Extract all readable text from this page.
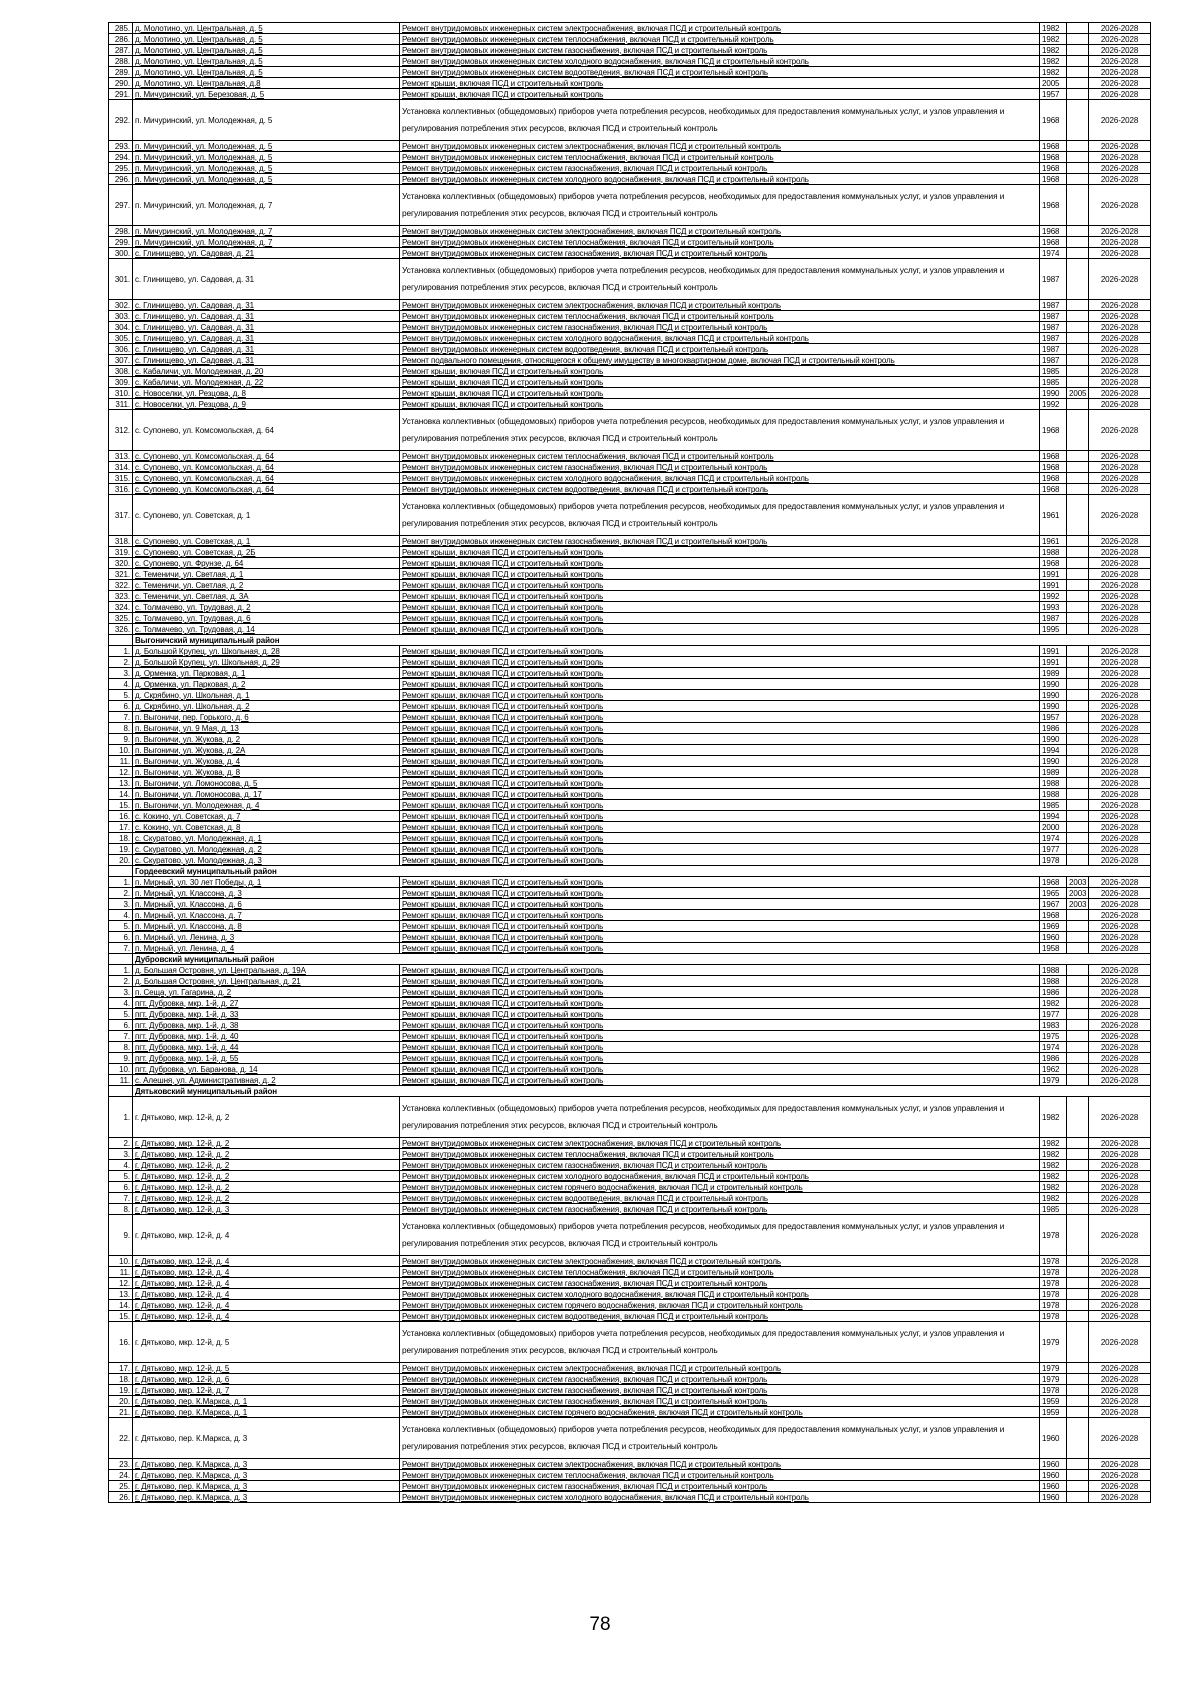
285.	д. Молотино, ул. Центральная, д. 5	Ремонт внутридомовых инженерных систем электроснабжения, включая ПСД и строительный контроль	1982		2026-2028
286.	д. Молотино, ул. Центральная, д. 5	Ремонт внутридомовых инженерных систем теплоснабжения, включая ПСД и строительный контроль	1982		2026-2028
287.	д. Молотино, ул. Центральная, д. 5	Ремонт внутридомовых инженерных систем газоснабжения, включая ПСД и строительный контроль	1982		2026-2028
288.	д. Молотино, ул. Центральная, д. 5	Ремонт внутридомовых инженерных систем холодного водоснабжения, включая ПСД и строительный контроль	1982		2026-2028
289.	д. Молотино, ул. Центральная, д. 5	Ремонт внутридомовых инженерных систем водоотведения, включая ПСД и строительный контроль	1982		2026-2028
290.	д. Молотино, ул. Центральная, д.8	Ремонт крыши, включая ПСД и строительный контроль	2005		2026-2028
291.	п. Мичуринский, ул. Березовая, д. 5	Ремонт крыши, включая ПСД и строительный контроль	1957		2026-2028
292.	п. Мичуринский, ул. Молодежная, д. 5	Установка коллективных (общедомовых) приборов учета потребления ресурсов, необходимых для предоставления коммунальных услуг, и узлов управления и регулирования потребления этих ресурсов, включая ПСД и строительный контроль	1968		2026-2028
293.	п. Мичуринский, ул. Молодежная, д. 5	Ремонт внутридомовых инженерных систем электроснабжения, включая ПСД и строительный контроль	1968		2026-2028
294.	п. Мичуринский, ул. Молодежная, д. 5	Ремонт внутридомовых инженерных систем теплоснабжения, включая ПСД и строительный контроль	1968		2026-2028
295.	п. Мичуринский, ул. Молодежная, д. 5	Ремонт внутридомовых инженерных систем газоснабжения, включая ПСД и строительный контроль	1968		2026-2028
296.	п. Мичуринский, ул. Молодежная, д. 5	Ремонт внутридомовых инженерных систем холодного водоснабжения, включая ПСД и строительный контроль	1968		2026-2028
297.	п. Мичуринский, ул. Молодежная, д. 7	Установка коллективных (общедомовых) приборов учета потребления ресурсов, необходимых для предоставления коммунальных услуг, и узлов управления и регулирования потребления этих ресурсов, включая ПСД и строительный контроль	1968		2026-2028
298.	п. Мичуринский, ул. Молодежная, д. 7	Ремонт внутридомовых инженерных систем электроснабжения, включая ПСД и строительный контроль	1968		2026-2028
299.	п. Мичуринский, ул. Молодежная, д. 7	Ремонт внутридомовых инженерных систем теплоснабжения, включая ПСД и строительный контроль	1968		2026-2028
300.	с. Глинищево, ул. Садовая, д. 21	Ремонт внутридомовых инженерных систем газоснабжения, включая ПСД и строительный контроль	1974		2026-2028
301.	с. Глинищево, ул. Садовая, д. 31	Установка коллективных (общедомовых) приборов учета потребления ресурсов, необходимых для предоставления коммунальных услуг, и узлов управления и регулирования потребления этих ресурсов, включая ПСД и строительный контроль	1987		2026-2028
302.	с. Глинищево, ул. Садовая, д. 31	Ремонт внутридомовых инженерных систем электроснабжения, включая ПСД и строительный контроль	1987		2026-2028
303.	с. Глинищево, ул. Садовая, д. 31	Ремонт внутридомовых инженерных систем теплоснабжения, включая ПСД и строительный контроль	1987		2026-2028
304.	с. Глинищево, ул. Садовая, д. 31	Ремонт внутридомовых инженерных систем газоснабжения, включая ПСД и строительный контроль	1987		2026-2028
305.	с. Глинищево, ул. Садовая, д. 31	Ремонт внутридомовых инженерных систем холодного водоснабжения, включая ПСД и строительный контроль	1987		2026-2028
306.	с. Глинищево, ул. Садовая, д. 31	Ремонт внутридомовых инженерных систем водоотведения, включая ПСД и строительный контроль	1987		2026-2028
307.	с. Глинищево, ул. Садовая, д. 31	Ремонт подвального помещения, относящегося к общему имуществу в многоквартирном доме, включая ПСД и строительный контроль	1987		2026-2028
308.	с. Кабаличи, ул. Молодежная, д. 20	Ремонт крыши, включая ПСД и строительный контроль	1985		2026-2028
309.	с. Кабаличи, ул. Молодежная, д. 22	Ремонт крыши, включая ПСД и строительный контроль	1985		2026-2028
310.	с. Новоселки, ул. Резцова, д. 8	Ремонт крыши, включая ПСД и строительный контроль	1990	2005	2026-2028
311.	с. Новоселки, ул. Резцова, д. 9	Ремонт крыши, включая ПСД и строительный контроль	1992		2026-2028
312.	с. Супонево, ул. Комсомольская, д. 64	Установка коллективных (общедомовых) приборов учета потребления ресурсов, необходимых для предоставления коммунальных услуг, и узлов управления и регулирования потребления этих ресурсов, включая ПСД и строительный контроль	1968		2026-2028
313.	с. Супонево, ул. Комсомольская, д. 64	Ремонт внутридомовых инженерных систем теплоснабжения, включая ПСД и строительный контроль	1968		2026-2028
314.	с. Супонево, ул. Комсомольская, д. 64	Ремонт внутридомовых инженерных систем газоснабжения, включая ПСД и строительный контроль	1968		2026-2028
315.	с. Супонево, ул. Комсомольская, д. 64	Ремонт внутридомовых инженерных систем холодного водоснабжения, включая ПСД и строительный контроль	1968		2026-2028
316.	с. Супонево, ул. Комсомольская, д. 64	Ремонт внутридомовых инженерных систем водоотведения, включая ПСД и строительный контроль	1968		2026-2028
317.	с. Супонево, ул. Советская, д. 1	Установка коллективных (общедомовых) приборов учета потребления ресурсов, необходимых для предоставления коммунальных услуг, и узлов управления и регулирования потребления этих ресурсов, включая ПСД и строительный контроль	1961		2026-2028
318.	с. Супонево, ул. Советская, д. 1	Ремонт внутридомовых инженерных систем газоснабжения, включая ПСД и строительный контроль	1961		2026-2028
319.	с. Супонево, ул. Советская, д. 2Б	Ремонт крыши, включая ПСД и строительный контроль	1988		2026-2028
320.	с. Супонево, ул. Фрунзе, д. 64	Ремонт крыши, включая ПСД и строительный контроль	1968		2026-2028
321.	с. Теменичи, ул. Светлая, д. 1	Ремонт крыши, включая ПСД и строительный контроль	1991		2026-2028
322.	с. Теменичи, ул. Светлая, д. 2	Ремонт крыши, включая ПСД и строительный контроль	1991		2026-2028
323.	с. Теменичи, ул. Светлая, д. 3А	Ремонт крыши, включая ПСД и строительный контроль	1992		2026-2028
324.	с. Толмачево, ул. Трудовая, д. 2	Ремонт крыши, включая ПСД и строительный контроль	1993		2026-2028
325.	с. Толмачево, ул. Трудовая, д. 6	Ремонт крыши, включая ПСД и строительный контроль	1987		2026-2028
326.	с. Толмачево, ул. Трудовая, д. 14	Ремонт крыши, включая ПСД и строительный контроль	1995		2026-2028
	Выгоничский муниципальный район				
1.	д. Большой Крупец, ул. Школьная, д. 28	Ремонт крыши, включая ПСД и строительный контроль	1991		2026-2028
2.	д. Большой Крупец, ул. Школьная, д. 29	Ремонт крыши, включая ПСД и строительный контроль	1991		2026-2028
3.	д. Орменка, ул. Парковая, д. 1	Ремонт крыши, включая ПСД и строительный контроль	1989		2026-2028
4.	д. Орменка, ул. Парковая, д. 2	Ремонт крыши, включая ПСД и строительный контроль	1990		2026-2028
5.	д. Скрябино, ул. Школьная, д. 1	Ремонт крыши, включая ПСД и строительный контроль	1990		2026-2028
6.	д. Скрябино, ул. Школьная, д. 2	Ремонт крыши, включая ПСД и строительный контроль	1990		2026-2028
7.	п. Выгоничи, пер. Горького, д. 6	Ремонт крыши, включая ПСД и строительный контроль	1957		2026-2028
8.	п. Выгоничи, ул. 9 Мая, д. 13	Ремонт крыши, включая ПСД и строительный контроль	1986		2026-2028
9.	п. Выгоничи, ул. Жукова, д. 2	Ремонт крыши, включая ПСД и строительный контроль	1990		2026-2028
10.	п. Выгоничи, ул. Жукова, д. 2А	Ремонт крыши, включая ПСД и строительный контроль	1994		2026-2028
11.	п. Выгоничи, ул. Жукова, д. 4	Ремонт крыши, включая ПСД и строительный контроль	1990		2026-2028
12.	п. Выгоничи, ул. Жукова, д. 8	Ремонт крыши, включая ПСД и строительный контроль	1989		2026-2028
13.	п. Выгоничи, ул. Ломоносова, д. 5	Ремонт крыши, включая ПСД и строительный контроль	1988		2026-2028
14.	п. Выгоничи, ул. Ломоносова, д. 17	Ремонт крыши, включая ПСД и строительный контроль	1988		2026-2028
15.	п. Выгоничи, ул. Молодежная, д. 4	Ремонт крыши, включая ПСД и строительный контроль	1985		2026-2028
16.	с. Кокино, ул. Советская, д. 7	Ремонт крыши, включая ПСД и строительный контроль	1994		2026-2028
17.	с. Кокино, ул. Советская, д. 8	Ремонт крыши, включая ПСД и строительный контроль	2000		2026-2028
18.	с. Скуратово, ул. Молодежная, д. 1	Ремонт крыши, включая ПСД и строительный контроль	1974		2026-2028
19.	с. Скуратово, ул. Молодежная, д. 2	Ремонт крыши, включая ПСД и строительный контроль	1977		2026-2028
20.	с. Скуратово, ул. Молодежная, д. 3	Ремонт крыши, включая ПСД и строительный контроль	1978		2026-2028
	Гордеевский муниципальный район				
1.	п. Мирный, ул. 30 лет Победы, д. 1	Ремонт крыши, включая ПСД и строительный контроль	1968	2003	2026-2028
2.	п. Мирный, ул. Классона, д. 3	Ремонт крыши, включая ПСД и строительный контроль	1965	2003	2026-2028
3.	п. Мирный, ул. Классона, д. 6	Ремонт крыши, включая ПСД и строительный контроль	1967	2003	2026-2028
4.	п. Мирный, ул. Классона, д. 7	Ремонт крыши, включая ПСД и строительный контроль	1968		2026-2028
5.	п. Мирный, ул. Классона, д. 8	Ремонт крыши, включая ПСД и строительный контроль	1969		2026-2028
6.	п. Мирный, ул. Ленина, д. 3	Ремонт крыши, включая ПСД и строительный контроль	1960		2026-2028
7.	п. Мирный, ул. Ленина, д. 4	Ремонт крыши, включая ПСД и строительный контроль	1958		2026-2028
	Дубровский муниципальный район				
1.	д. Большая Островня, ул. Центральная, д. 19А	Ремонт крыши, включая ПСД и строительный контроль	1988		2026-2028
2.	д. Большая Островня, ул. Центральная, д. 21	Ремонт крыши, включая ПСД и строительный контроль	1988		2026-2028
3.	п. Сеща, ул. Гагарина, д. 2	Ремонт крыши, включая ПСД и строительный контроль	1986		2026-2028
4.	пгт. Дубровка, мкр. 1-й, д. 27	Ремонт крыши, включая ПСД и строительный контроль	1982		2026-2028
5.	пгт. Дубровка, мкр. 1-й, д. 33	Ремонт крыши, включая ПСД и строительный контроль	1977		2026-2028
6.	пгт. Дубровка, мкр. 1-й, д. 38	Ремонт крыши, включая ПСД и строительный контроль	1983		2026-2028
7.	пгт. Дубровка, мкр. 1-й, д. 40	Ремонт крыши, включая ПСД и строительный контроль	1975		2026-2028
8.	пгт. Дубровка, мкр. 1-й, д. 44	Ремонт крыши, включая ПСД и строительный контроль	1974		2026-2028
9.	пгт. Дубровка, мкр. 1-й, д. 55	Ремонт крыши, включая ПСД и строительный контроль	1986		2026-2028
10.	пгт. Дубровка, ул. Баранова, д. 14	Ремонт крыши, включая ПСД и строительный контроль	1962		2026-2028
11.	с. Алешня, ул. Административная, д. 2	Ремонт крыши, включая ПСД и строительный контроль	1979		2026-2028
	Дятьковский муниципальный район				
1.	г. Дятьково, мкр. 12-й, д. 2	Установка коллективных (общедомовых) приборов учета потребления ресурсов, необходимых для предоставления коммунальных услуг, и узлов управления и регулирования потребления этих ресурсов, включая ПСД и строительный контроль	1982		2026-2028
2.	г. Дятьково, мкр. 12-й, д. 2	Ремонт внутридомовых инженерных систем электроснабжения, включая ПСД и строительный контроль	1982		2026-2028
3.	г. Дятьково, мкр. 12-й, д. 2	Ремонт внутридомовых инженерных систем теплоснабжения, включая ПСД и строительный контроль	1982		2026-2028
4.	г. Дятьково, мкр. 12-й, д. 2	Ремонт внутридомовых инженерных систем газоснабжения, включая ПСД и строительный контроль	1982		2026-2028
5.	г. Дятьково, мкр. 12-й, д. 2	Ремонт внутридомовых инженерных систем холодного водоснабжения, включая ПСД и строительный контроль	1982		2026-2028
6.	г. Дятьково, мкр. 12-й, д. 2	Ремонт внутридомовых инженерных систем горячего водоснабжения, включая ПСД и строительный контроль	1982		2026-2028
7.	г. Дятьково, мкр. 12-й, д. 2	Ремонт внутридомовых инженерных систем водоотведения, включая ПСД и строительный контроль	1982		2026-2028
8.	г. Дятьково, мкр. 12-й, д. 3	Ремонт внутридомовых инженерных систем газоснабжения, включая ПСД и строительный контроль	1985		2026-2028
9.	г. Дятьково, мкр. 12-й, д. 4	Установка коллективных (общедомовых) приборов учета потребления ресурсов, необходимых для предоставления коммунальных услуг, и узлов управления и регулирования потребления этих ресурсов, включая ПСД и строительный контроль	1978		2026-2028
10.	г. Дятьково, мкр. 12-й, д. 4	Ремонт внутридомовых инженерных систем электроснабжения, включая ПСД и строительный контроль	1978		2026-2028
11.	г. Дятьково, мкр. 12-й, д. 4	Ремонт внутридомовых инженерных систем теплоснабжения, включая ПСД и строительный контроль	1978		2026-2028
12.	г. Дятьково, мкр. 12-й, д. 4	Ремонт внутридомовых инженерных систем газоснабжения, включая ПСД и строительный контроль	1978		2026-2028
13.	г. Дятьково, мкр. 12-й, д. 4	Ремонт внутридомовых инженерных систем холодного водоснабжения, включая ПСД и строительный контроль	1978		2026-2028
14.	г. Дятьково, мкр. 12-й, д. 4	Ремонт внутридомовых инженерных систем горячего водоснабжения, включая ПСД и строительный контроль	1978		2026-2028
15.	г. Дятьково, мкр. 12-й, д. 4	Ремонт внутридомовых инженерных систем водоотведения, включая ПСД и строительный контроль	1978		2026-2028
16.	г. Дятьково, мкр. 12-й, д. 5	Установка коллективных (общедомовых) приборов учета потребления ресурсов, необходимых для предоставления коммунальных услуг, и узлов управления и регулирования потребления этих ресурсов, включая ПСД и строительный контроль	1979		2026-2028
17.	г. Дятьково, мкр. 12-й, д. 5	Ремонт внутридомовых инженерных систем электроснабжения, включая ПСД и строительный контроль	1979		2026-2028
18.	г. Дятьково, мкр. 12-й, д. 6	Ремонт внутридомовых инженерных систем газоснабжения, включая ПСД и строительный контроль	1979		2026-2028
19.	г. Дятьково, мкр. 12-й, д. 7	Ремонт внутридомовых инженерных систем газоснабжения, включая ПСД и строительный контроль	1978		2026-2028
20.	г. Дятьково, пер. К.Маркса, д. 1	Ремонт внутридомовых инженерных систем газоснабжения, включая ПСД и строительный контроль	1959		2026-2028
21.	г. Дятьково, пер. К.Маркса, д. 1	Ремонт внутридомовых инженерных систем горячего водоснабжения, включая ПСД и строительный контроль	1959		2026-2028
22.	г. Дятьково, пер. К.Маркса, д. 3	Установка коллективных (общедомовых) приборов учета потребления ресурсов, необходимых для предоставления коммунальных услуг, и узлов управления и регулирования потребления этих ресурсов, включая ПСД и строительный контроль	1960		2026-2028
23.	г. Дятьково, пер. К.Маркса, д. 3	Ремонт внутридомовых инженерных систем электроснабжения, включая ПСД и строительный контроль	1960		2026-2028
24.	г. Дятьково, пер. К.Маркса, д. 3	Ремонт внутридомовых инженерных систем теплоснабжения, включая ПСД и строительный контроль	1960		2026-2028
25.	г. Дятьково, пер. К.Маркса, д. 3	Ремонт внутридомовых инженерных систем газоснабжения, включая ПСД и строительный контроль	1960		2026-2028
26.	г. Дятьково, пер. К.Маркса, д. 3	Ремонт внутридомовых инженерных систем холодного водоснабжения, включая ПСД и строительный контроль	1960		2026-2028
78
